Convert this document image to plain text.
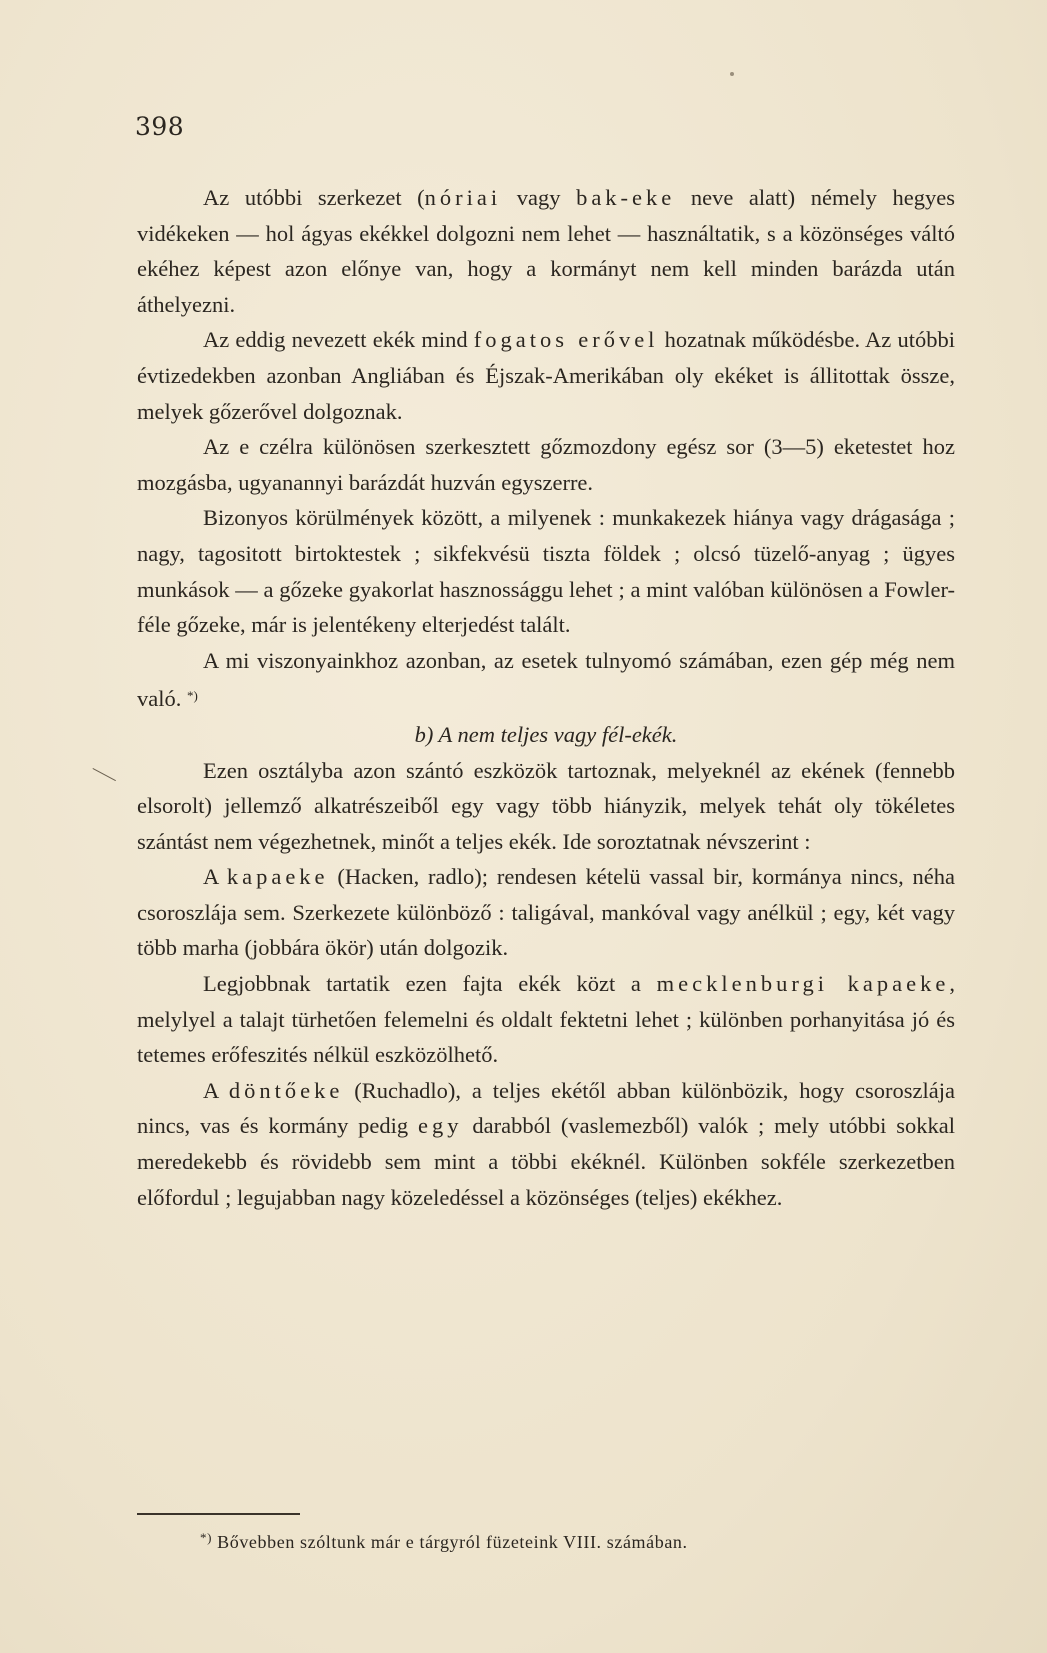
398

Az utóbbi szerkezet (nóriai vagy bak-eke neve alatt) némely hegyes vidékeken — hol ágyas ekékkel dolgozni nem lehet — használtatik, s a közönséges váltó ekéhez képest azon előnye van, hogy a kormányt nem kell minden barázda után áthelyezni.

Az eddig nevezett ekék mind fogatos erővel hozatnak működésbe. Az utóbbi évtizedekben azonban Angliában és Éjszak-Amerikában oly ekéket is állitottak össze, melyek gőzerővel dolgoznak.

Az e czélra különösen szerkesztett gőzmozdony egész sor (3—5) eketestet hoz mozgásba, ugyanannyi barázdát huzván egyszerre.

Bizonyos körülmények között, a milyenek : munkakezek hiánya vagy drágasága ; nagy, tagositott birtoktestek ; sikfekvésü tiszta földek ; olcsó tüzelő-anyag ; ügyes munkások — a gőzeke gyakorlat hasznossággu lehet ; a mint valóban különösen a Fowler-féle gőzeke, már is jelentékeny elterjedést talált.

A mi viszonyainkhoz azonban, az esetek tulnyomó számában, ezen gép még nem való. *)

b) A nem teljes vagy fél-ekék.

Ezen osztályba azon szántó eszközök tartoznak, melyeknél az ekének (fennebb elsorolt) jellemző alkatrészeiből egy vagy több hiányzik, melyek tehát oly tökéletes szántást nem végezhetnek, minőt a teljes ekék. Ide soroztatnak névszerint :

A kapaeke (Hacken, radlo); rendesen kételü vassal bir, kormánya nincs, néha csoroszlája sem. Szerkezete különböző : taligával, mankóval vagy anélkül ; egy, két vagy több marha (jobbára ökör) után dolgozik.

Legjobbnak tartatik ezen fajta ekék közt a mecklenburgi kapaeke, melylyel a talajt türhetően felemelni és oldalt fektetni lehet ; különben porhanyitása jó és tetemes erőfeszités nélkül eszközölhető.

A döntőeke (Ruchadlo), a teljes ekétől abban különbözik, hogy csoroszlája nincs, vas és kormány pedig egy darabból (vaslemezből) valók ; mely utóbbi sokkal meredekebb és rövidebb sem mint a többi ekéknél. Különben sokféle szerkezetben előfordul ; legujabban nagy közeledéssel a közönséges (teljes) ekékhez.

*) Bővebben szóltunk már e tárgyról füzeteink VIII. számában.
